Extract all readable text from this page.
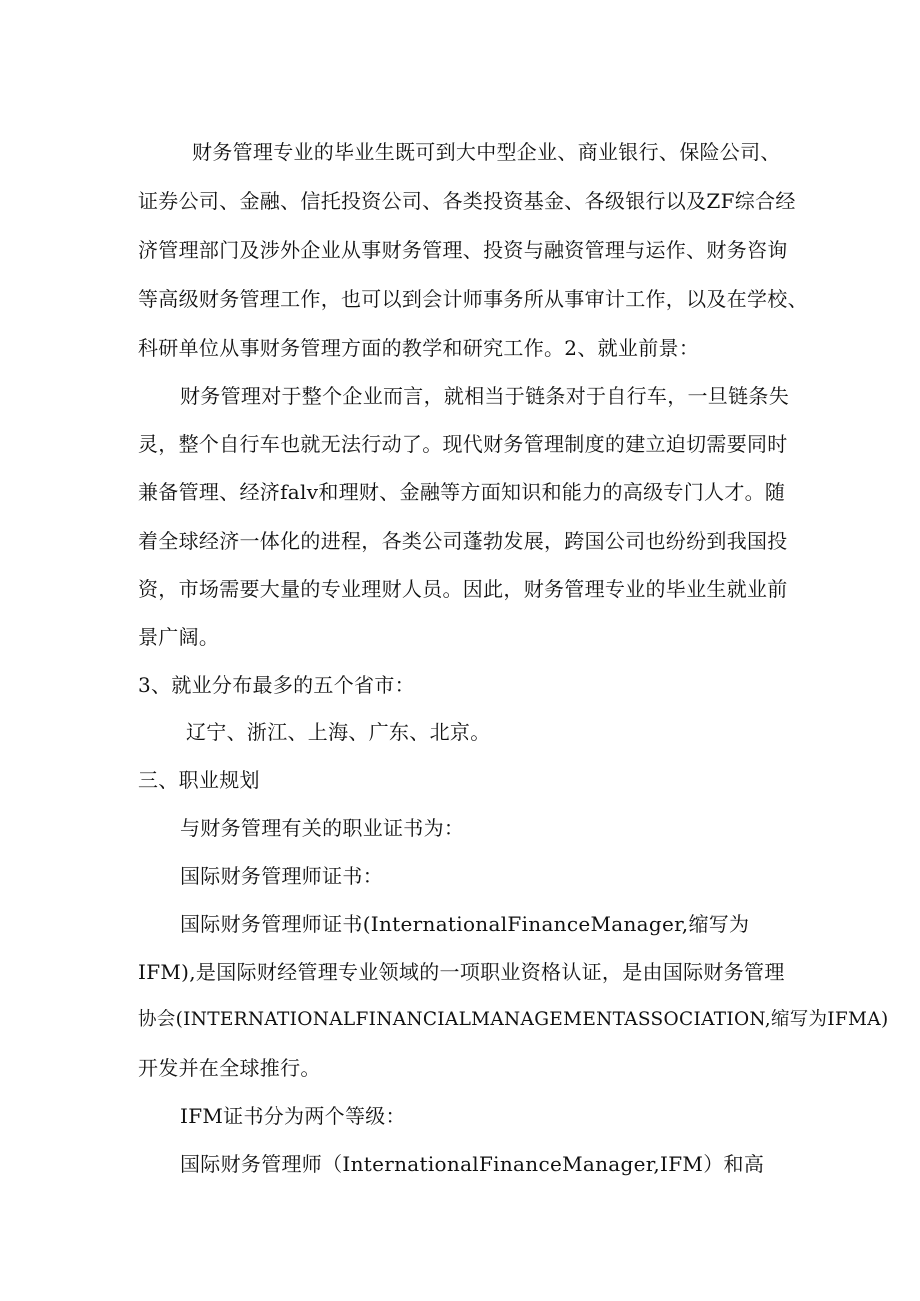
财务管理专业的毕业生既可到大中型企业、商业银行、保险公司、
证券公司、金融、信托投资公司、各类投资基金、各级银行以及ZF综合经
济管理部门及涉外企业从事财务管理、投资与融资管理与运作、财务咨询
等高级财务管理工作，也可以到会计师事务所从事审计工作，以及在学校、
科研单位从事财务管理方面的教学和研究工作。2、就业前景：
财务管理对于整个企业而言，就相当于链条对于自行车，一旦链条失
灵，整个自行车也就无法行动了。现代财务管理制度的建立迫切需要同时
兼备管理、经济falv和理财、金融等方面知识和能力的高级专门人才。随
着全球经济一体化的进程，各类公司蓬勃发展，跨国公司也纷纷到我国投
资，市场需要大量的专业理财人员。因此，财务管理专业的毕业生就业前
景广阔。
3、就业分布最多的五个省市：
辽宁、浙江、上海、广东、北京。
三、职业规划
与财务管理有关的职业证书为：
国际财务管理师证书：
国际财务管理师证书(InternationalFinanceManager,缩写为
IFM),是国际财经管理专业领域的一项职业资格认证，是由国际财务管理
协会(INTERNATIONALFINANCIALMANAGEMENTASSOCIATION,缩写为IFMA)
开发并在全球推行。
IFM证书分为两个等级：
国际财务管理师（InternationalFinanceManager,IFM）和高
